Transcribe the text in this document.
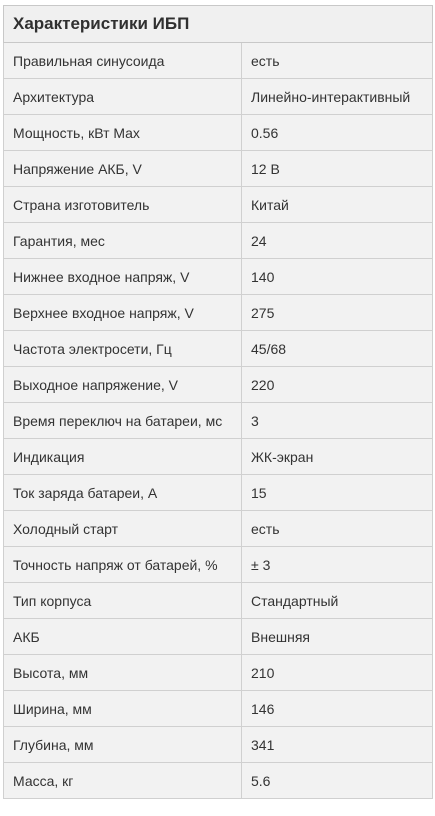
Характеристики ИБП	
Правильная синусоида	есть
Архитектура	Линейно-интерактивный
Мощность, кВт Max	0.56
Напряжение АКБ, V	12 В
Страна изготовитель	Китай
Гарантия, мес	24
Нижнее входное напряж, V	140
Верхнее входное напряж, V	275
Частота электросети, Гц	45/68
Выходное напряжение, V	220
Время переключ на батареи, мс	3
Индикация	ЖК-экран
Ток заряда батареи, А	15
Холодный старт	есть
Точность напряж от батарей, %	± 3
Тип корпуса	Стандартный
АКБ	Внешняя
Высота, мм	210
Ширина, мм	146
Глубина, мм	341
Масса, кг	5.6
